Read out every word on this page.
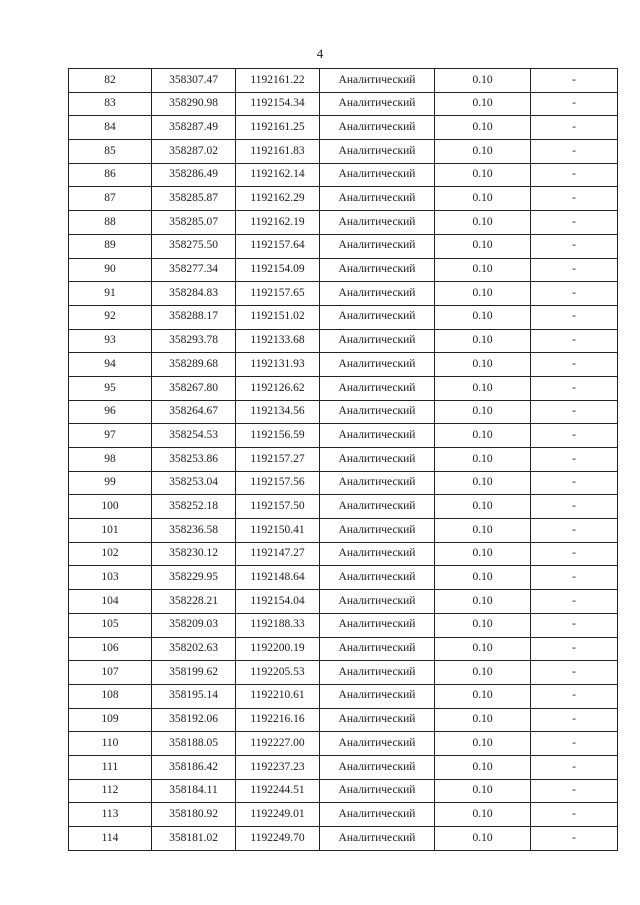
4
82	358307.47	1192161.22	Аналитический	0.10	-
83	358290.98	1192154.34	Аналитический	0.10	-
84	358287.49	1192161.25	Аналитический	0.10	-
85	358287.02	1192161.83	Аналитический	0.10	-
86	358286.49	1192162.14	Аналитический	0.10	-
87	358285.87	1192162.29	Аналитический	0.10	-
88	358285.07	1192162.19	Аналитический	0.10	-
89	358275.50	1192157.64	Аналитический	0.10	-
90	358277.34	1192154.09	Аналитический	0.10	-
91	358284.83	1192157.65	Аналитический	0.10	-
92	358288.17	1192151.02	Аналитический	0.10	-
93	358293.78	1192133.68	Аналитический	0.10	-
94	358289.68	1192131.93	Аналитический	0.10	-
95	358267.80	1192126.62	Аналитический	0.10	-
96	358264.67	1192134.56	Аналитический	0.10	-
97	358254.53	1192156.59	Аналитический	0.10	-
98	358253.86	1192157.27	Аналитический	0.10	-
99	358253.04	1192157.56	Аналитический	0.10	-
100	358252.18	1192157.50	Аналитический	0.10	-
101	358236.58	1192150.41	Аналитический	0.10	-
102	358230.12	1192147.27	Аналитический	0.10	-
103	358229.95	1192148.64	Аналитический	0.10	-
104	358228.21	1192154.04	Аналитический	0.10	-
105	358209.03	1192188.33	Аналитический	0.10	-
106	358202.63	1192200.19	Аналитический	0.10	-
107	358199.62	1192205.53	Аналитический	0.10	-
108	358195.14	1192210.61	Аналитический	0.10	-
109	358192.06	1192216.16	Аналитический	0.10	-
110	358188.05	1192227.00	Аналитический	0.10	-
111	358186.42	1192237.23	Аналитический	0.10	-
112	358184.11	1192244.51	Аналитический	0.10	-
113	358180.92	1192249.01	Аналитический	0.10	-
114	358181.02	1192249.70	Аналитический	0.10	-
